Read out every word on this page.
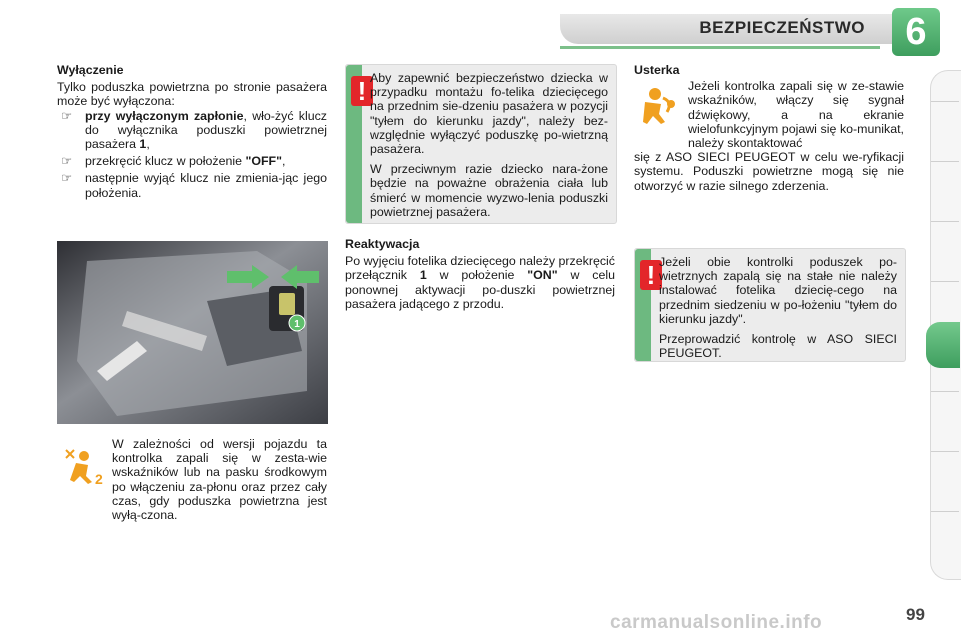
BEZPIECZEŃSTWO	6

Wyłączenie

Tylko poduszka powietrzna po stronie pasażera może być wyłączona:

☞ przy wyłączonym zapłonie, wło-żyć klucz do wyłącznika poduszki powietrznej pasażera 1,

☞ przekręcić klucz w położenie "OFF",

☞ następnie wyjąć klucz nie zmienia-jąc jego położenia.

1
2
W zależności od wersji pojazdu ta kontrolka zapali się w zesta-wie wskaźników lub na pasku środkowym po włączeniu za-płonu oraz przez cały czas, gdy poduszka powietrzna jest wyłą-czona.
! Aby zapewnić bezpieczeństwo dziecka w przypadku montażu fo-telika dziecięcego na przednim sie-dzeniu pasażera w pozycji "tyłem do kierunku jazdy", należy bez-względnie wyłączyć poduszkę po-wietrzną pasażera.

W przeciwnym razie dziecko nara-żone będzie na poważne obrażenia ciała lub śmierć w momencie wyzwo-lenia poduszki powietrznej pasażera.

Reaktywacja

Po wyjęciu fotelika dziecięcego należy przekręcić przełącznik 1 w położenie "ON" w celu ponownej aktywacji po-duszki powietrznej pasażera jadącego z przodu.

Usterka

Jeżeli kontrolka zapali się w ze-stawie wskaźników, włączy się sygnał dźwiękowy, a na ekranie wielofunkcyjnym pojawi się ko-munikat, należy skontaktować

się z ASO SIECI PEUGEOT w celu we-ryfikacji systemu. Poduszki powietrzne mogą się nie otworzyć w razie silnego zderzenia.

! Jeżeli obie kontrolki poduszek po-wietrznych zapalą się na stałe nie należy instalować fotelika dziecię-cego na przednim siedzeniu w po-łożeniu "tyłem do kierunku jazdy".

Przeprowadzić kontrolę w ASO SIECI PEUGEOT.

carmanualsonline.info	99
